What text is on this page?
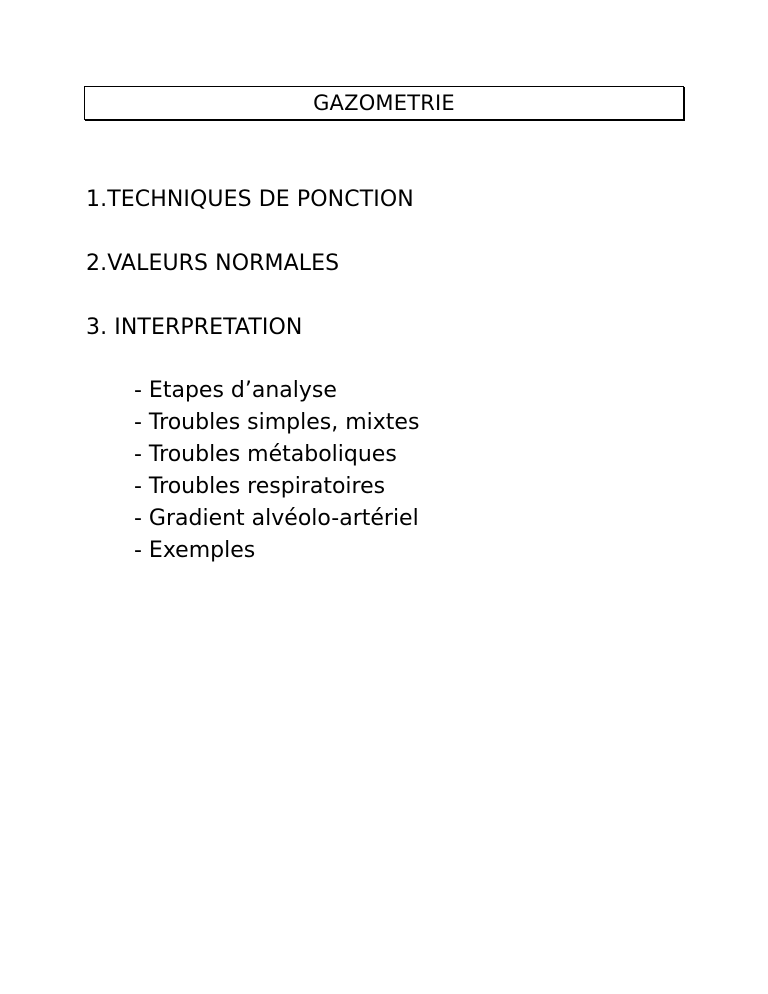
GAZOMETRIE
1.TECHNIQUES DE PONCTION
2.VALEURS NORMALES
3. INTERPRETATION
- Etapes d’analyse
- Troubles simples, mixtes
- Troubles métaboliques
- Troubles respiratoires
- Gradient alvéolo-artériel
- Exemples
